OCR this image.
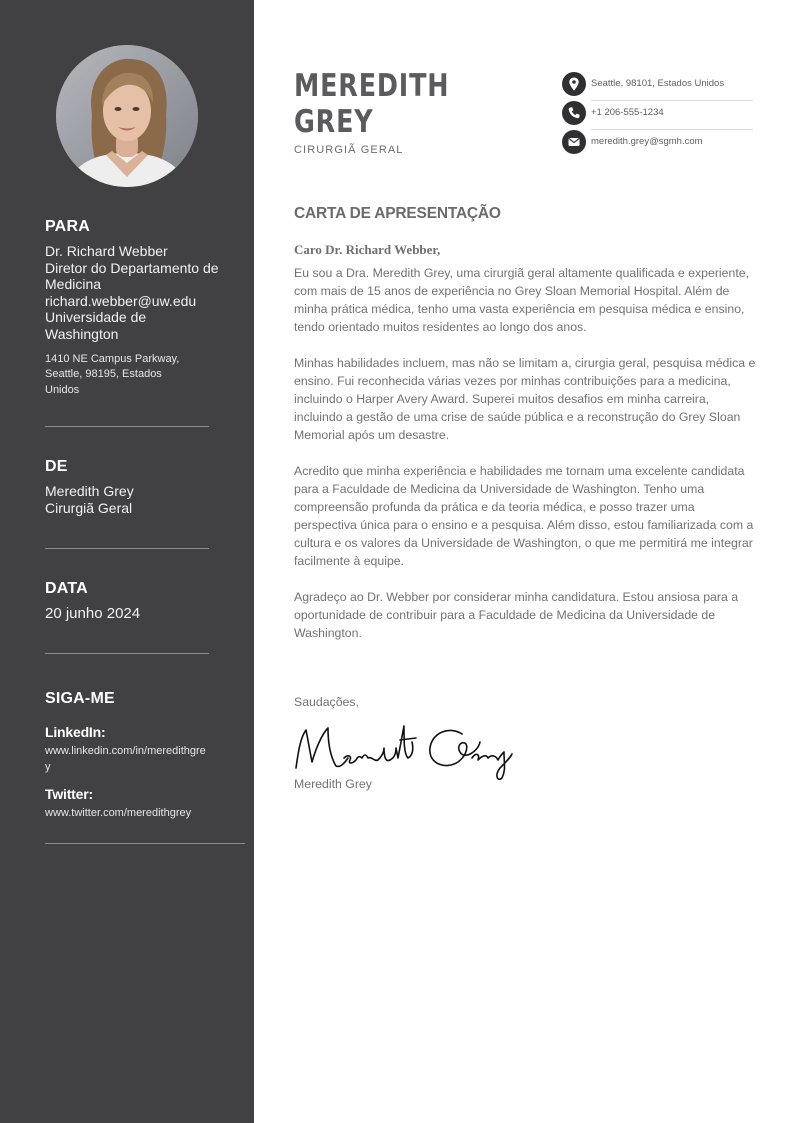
PARA
Dr. Richard Webber
Diretor do Departamento de Medicina
richard.webber@uw.edu
Universidade de Washington
1410 NE Campus Parkway, Seattle, 98195, Estados Unidos
DE
Meredith Grey
Cirurgiã Geral
DATA
20 junho 2024
SIGA-ME
LinkedIn:
www.linkedin.com/in/meredithgrey
Twitter:
www.twitter.com/meredithgrey
MEREDITH
GREY
CIRURGIÃ GERAL
Seattle, 98101, Estados Unidos
+1 206-555-1234
meredith.grey@sgmh.com
CARTA DE APRESENTAÇÃO
Caro Dr. Richard Webber,

Eu sou a Dra. Meredith Grey, uma cirurgiã geral altamente qualificada e experiente, com mais de 15 anos de experiência no Grey Sloan Memorial Hospital. Além de minha prática médica, tenho uma vasta experiência em pesquisa médica e ensino, tendo orientado muitos residentes ao longo dos anos.

Minhas habilidades incluem, mas não se limitam a, cirurgia geral, pesquisa médica e ensino. Fui reconhecida várias vezes por minhas contribuições para a medicina, incluindo o Harper Avery Award. Superei muitos desafios em minha carreira, incluindo a gestão de uma crise de saúde pública e a reconstrução do Grey Sloan Memorial após um desastre.

Acredito que minha experiência e habilidades me tornam uma excelente candidata para a Faculdade de Medicina da Universidade de Washington. Tenho uma compreensão profunda da prática e da teoria médica, e posso trazer uma perspectiva única para o ensino e a pesquisa. Além disso, estou familiarizada com a cultura e os valores da Universidade de Washington, o que me permitirá me integrar facilmente à equipe.

Agradeço ao Dr. Webber por considerar minha candidatura. Estou ansiosa para a oportunidade de contribuir para a Faculdade de Medicina da Universidade de Washington.

Saudações,
Meredith Grey
